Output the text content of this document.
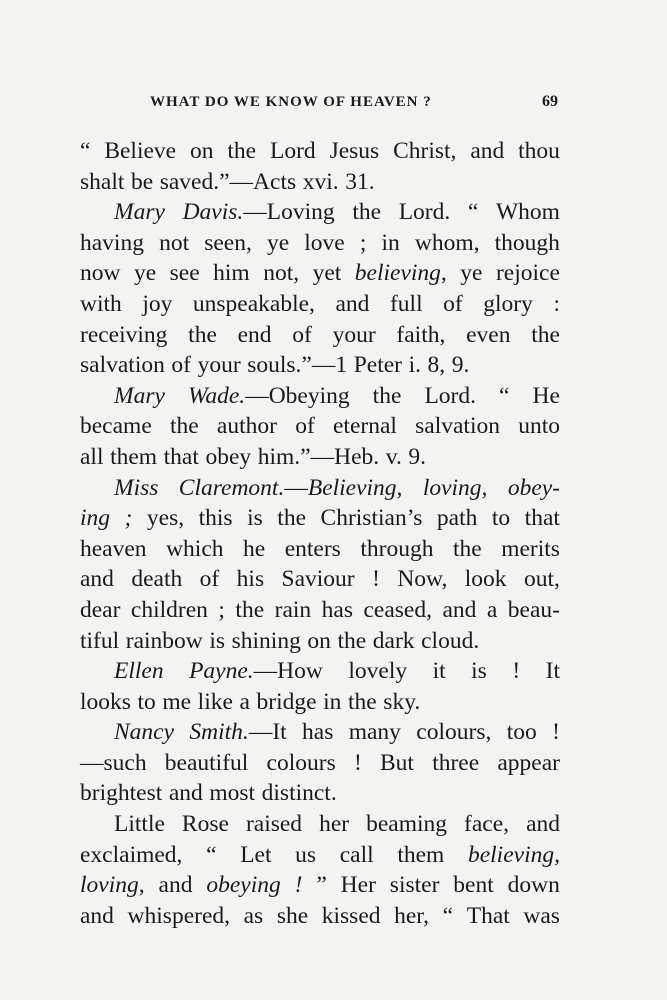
WHAT DO WE KNOW OF HEAVEN ?	69
“ Believe on the Lord Jesus Christ, and thou
shalt be saved.”—Acts xvi. 31.
Mary Davis.—Loving the Lord. “ Whom
having not seen, ye love ; in whom, though
now ye see him not, yet believing, ye rejoice
with joy unspeakable, and full of glory :
receiving the end of your faith, even the
salvation of your souls.”—1 Peter i. 8, 9.
Mary Wade.—Obeying the Lord. “ He
became the author of eternal salvation unto
all them that obey him.”—Heb. v. 9.
Miss Claremont.—Believing, loving, obey-
ing ; yes, this is the Christian’s path to that
heaven which he enters through the merits
and death of his Saviour ! Now, look out,
dear children ; the rain has ceased, and a beau-
tiful rainbow is shining on the dark cloud.
Ellen Payne.—How lovely it is ! It
looks to me like a bridge in the sky.
Nancy Smith.—It has many colours, too !
—such beautiful colours ! But three appear
brightest and most distinct.
Little Rose raised her beaming face, and
exclaimed, “ Let us call them believing,
loving, and obeying ! ” Her sister bent down
and whispered, as she kissed her, “ That was
